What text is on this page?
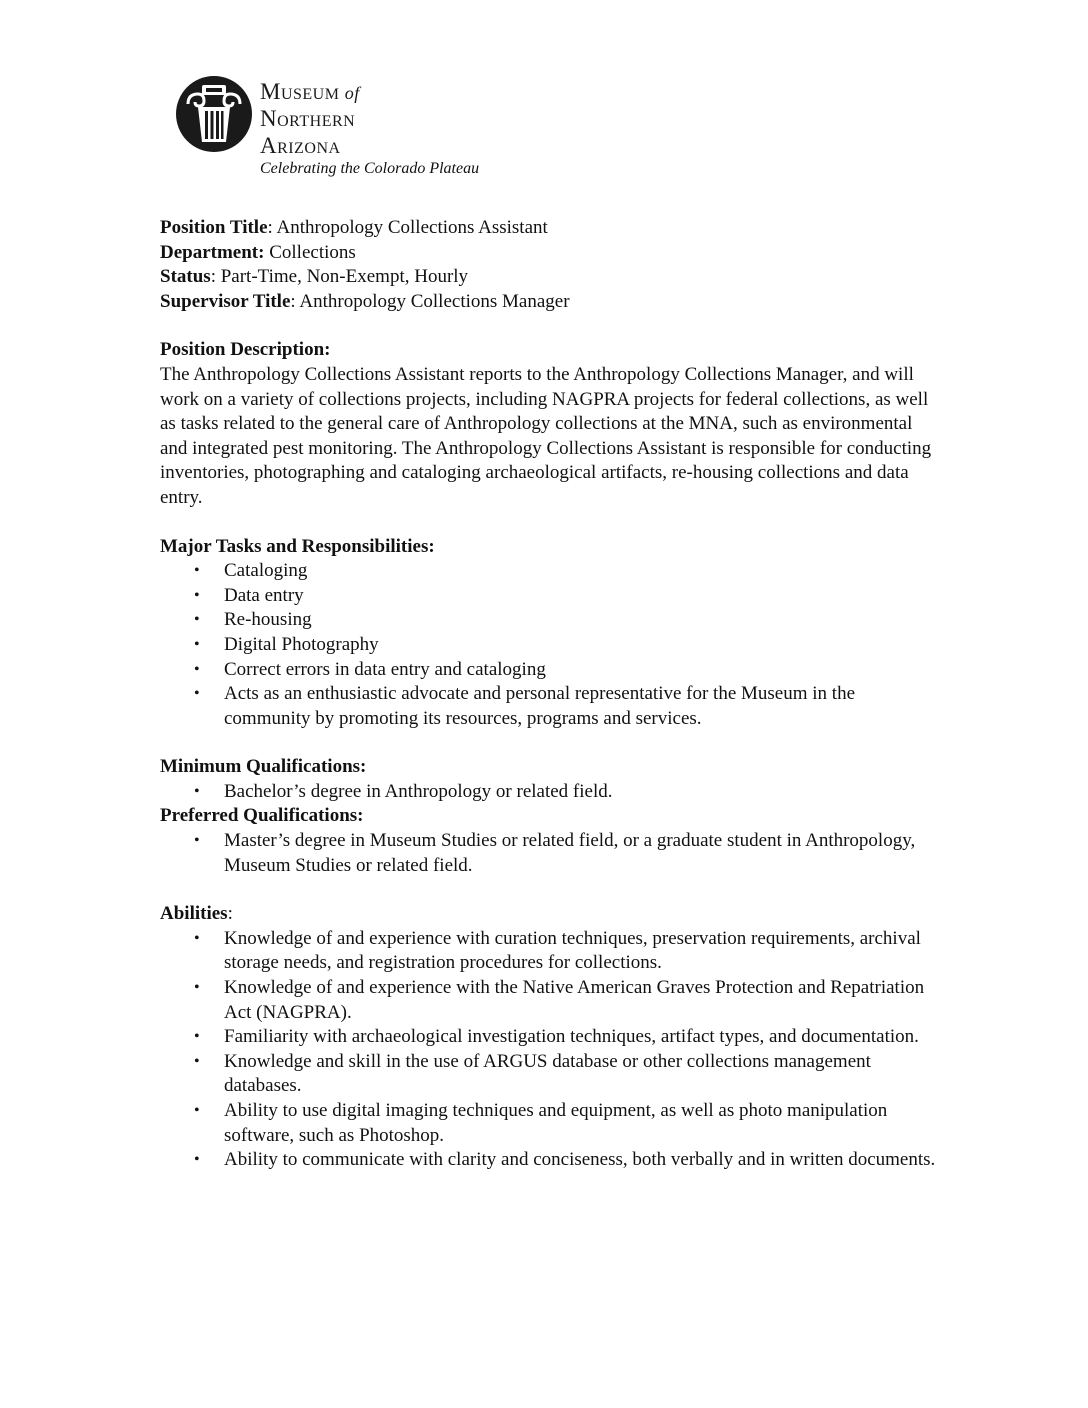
MUSEUM of
NORTHERN
ARIZONA
Celebrating the Colorado Plateau
Position Title: Anthropology Collections Assistant
Department: Collections
Status: Part-Time, Non-Exempt, Hourly
Supervisor Title: Anthropology Collections Manager
Position Description:

The Anthropology Collections Assistant reports to the Anthropology Collections Manager, and will work on a variety of collections projects, including NAGPRA projects for federal collections, as well as tasks related to the general care of Anthropology collections at the MNA, such as environmental and integrated pest monitoring. The Anthropology Collections Assistant is responsible for conducting inventories, photographing and cataloging archaeological artifacts, re-housing collections and data entry.

Major Tasks and Responsibilities:
• Cataloging
• Data entry
• Re-housing
• Digital Photography
• Correct errors in data entry and cataloging
• Acts as an enthusiastic advocate and personal representative for the Museum in the community by promoting its resources, programs and services.
Minimum Qualifications:
• Bachelor’s degree in Anthropology or related field.
Preferred Qualifications:
• Master’s degree in Museum Studies or related field, or a graduate student in Anthropology, Museum Studies or related field.
Abilities:
• Knowledge of and experience with curation techniques, preservation requirements, archival storage needs, and registration procedures for collections.
• Knowledge of and experience with the Native American Graves Protection and Repatriation Act (NAGPRA).
• Familiarity with archaeological investigation techniques, artifact types, and documentation.
• Knowledge and skill in the use of ARGUS database or other collections management databases.
• Ability to use digital imaging techniques and equipment, as well as photo manipulation software, such as Photoshop.
• Ability to communicate with clarity and conciseness, both verbally and in written documents.
